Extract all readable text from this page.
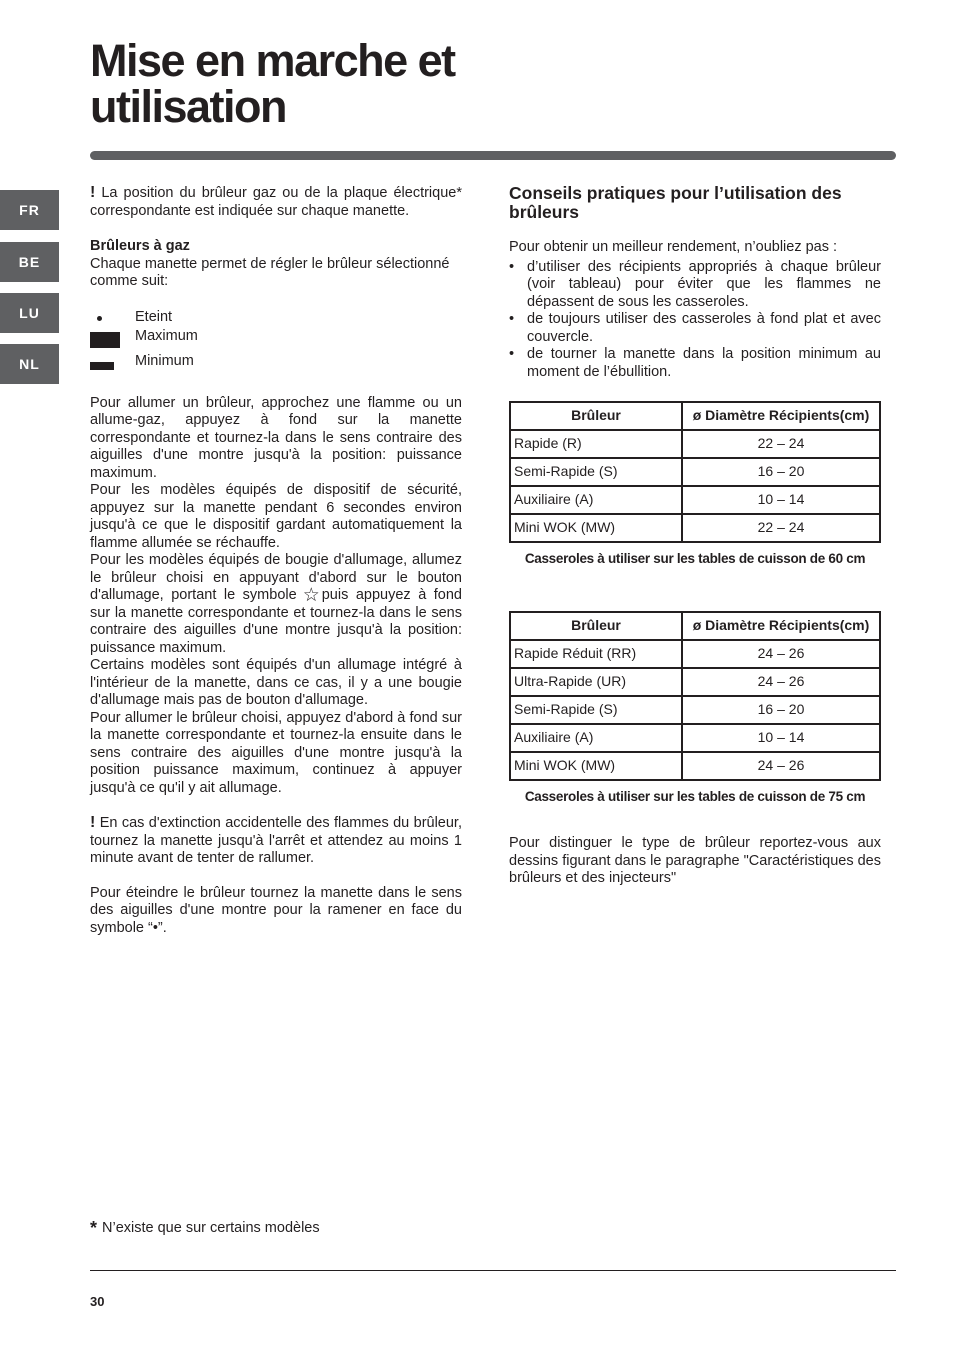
Mise en marche et
utilisation
FR
BE
LU
NL

! La position du brûleur gaz ou de la plaque électrique* correspondante est indiquée sur chaque manette.

Brûleurs à gaz

Chaque manette permet de régler le brûleur sélectionné comme suit:

Eteint
Maximum
Minimum

Pour allumer un brûleur, approchez une flamme ou un allume-gaz, appuyez à fond sur la manette correspondante et tournez-la dans le sens contraire des aiguilles d'une montre jusqu'à la position: puissance maximum.

Pour les modèles équipés de dispositif de sécurité, appuyez sur la manette pendant 6 secondes environ jusqu'à ce que le dispositif gardant automatiquement la flamme allumée se réchauffe.

Pour les modèles équipés de bougie d'allumage, allumez le brûleur choisi en appuyant d'abord sur le bouton d'allumage, portant le symbole ☆ puis appuyez à fond sur la manette correspondante et tournez-la dans le sens contraire des aiguilles d'une montre jusqu'à la position: puissance maximum.

Certains modèles sont équipés d'un allumage intégré à l'intérieur de la manette, dans ce cas, il y a une bougie d'allumage mais pas de bouton d'allumage.

Pour allumer le brûleur choisi, appuyez d'abord à fond sur la manette correspondante et tournez-la ensuite dans le sens contraire des aiguilles d'une montre jusqu'à la position puissance maximum, continuez à appuyer jusqu'à ce qu'il y ait allumage.

! En cas d'extinction accidentelle des flammes du brûleur, tournez la manette jusqu'à l'arrêt et attendez au moins 1 minute avant de tenter de rallumer.

Pour éteindre le brûleur tournez la manette dans le sens des aiguilles d'une montre pour la ramener en face du symbole “•”.

Conseils pratiques pour l’utilisation des brûleurs

Pour obtenir un meilleur rendement, n’oubliez pas :

• d’utiliser des récipients appropriés à chaque brûleur (voir tableau) pour éviter que les flammes ne dépassent de sous les casseroles.
• de toujours utiliser des casseroles à fond plat et avec couvercle.
• de tourner la manette dans la position minimum au moment de l’ébullition.
Brûleur	ø Diamètre Récipients(cm)
Rapide (R)	22 – 24
Semi-Rapide (S)	16 – 20
Auxiliaire (A)	10 – 14
Mini WOK (MW)	22 – 24
Casseroles à utiliser sur les tables de cuisson de 60 cm
Brûleur	ø Diamètre Récipients(cm)
Rapide Réduit (RR)	24 – 26
Ultra-Rapide (UR)	24 – 26
Semi-Rapide (S)	16 – 20
Auxiliaire (A)	10 – 14
Mini WOK (MW)	24 – 26
Casseroles à utiliser sur les tables de cuisson de 75 cm

Pour distinguer le type de brûleur reportez-vous aux dessins figurant dans le paragraphe "Caractéristiques des brûleurs et des injecteurs"

* N’existe que sur certains modèles
30
